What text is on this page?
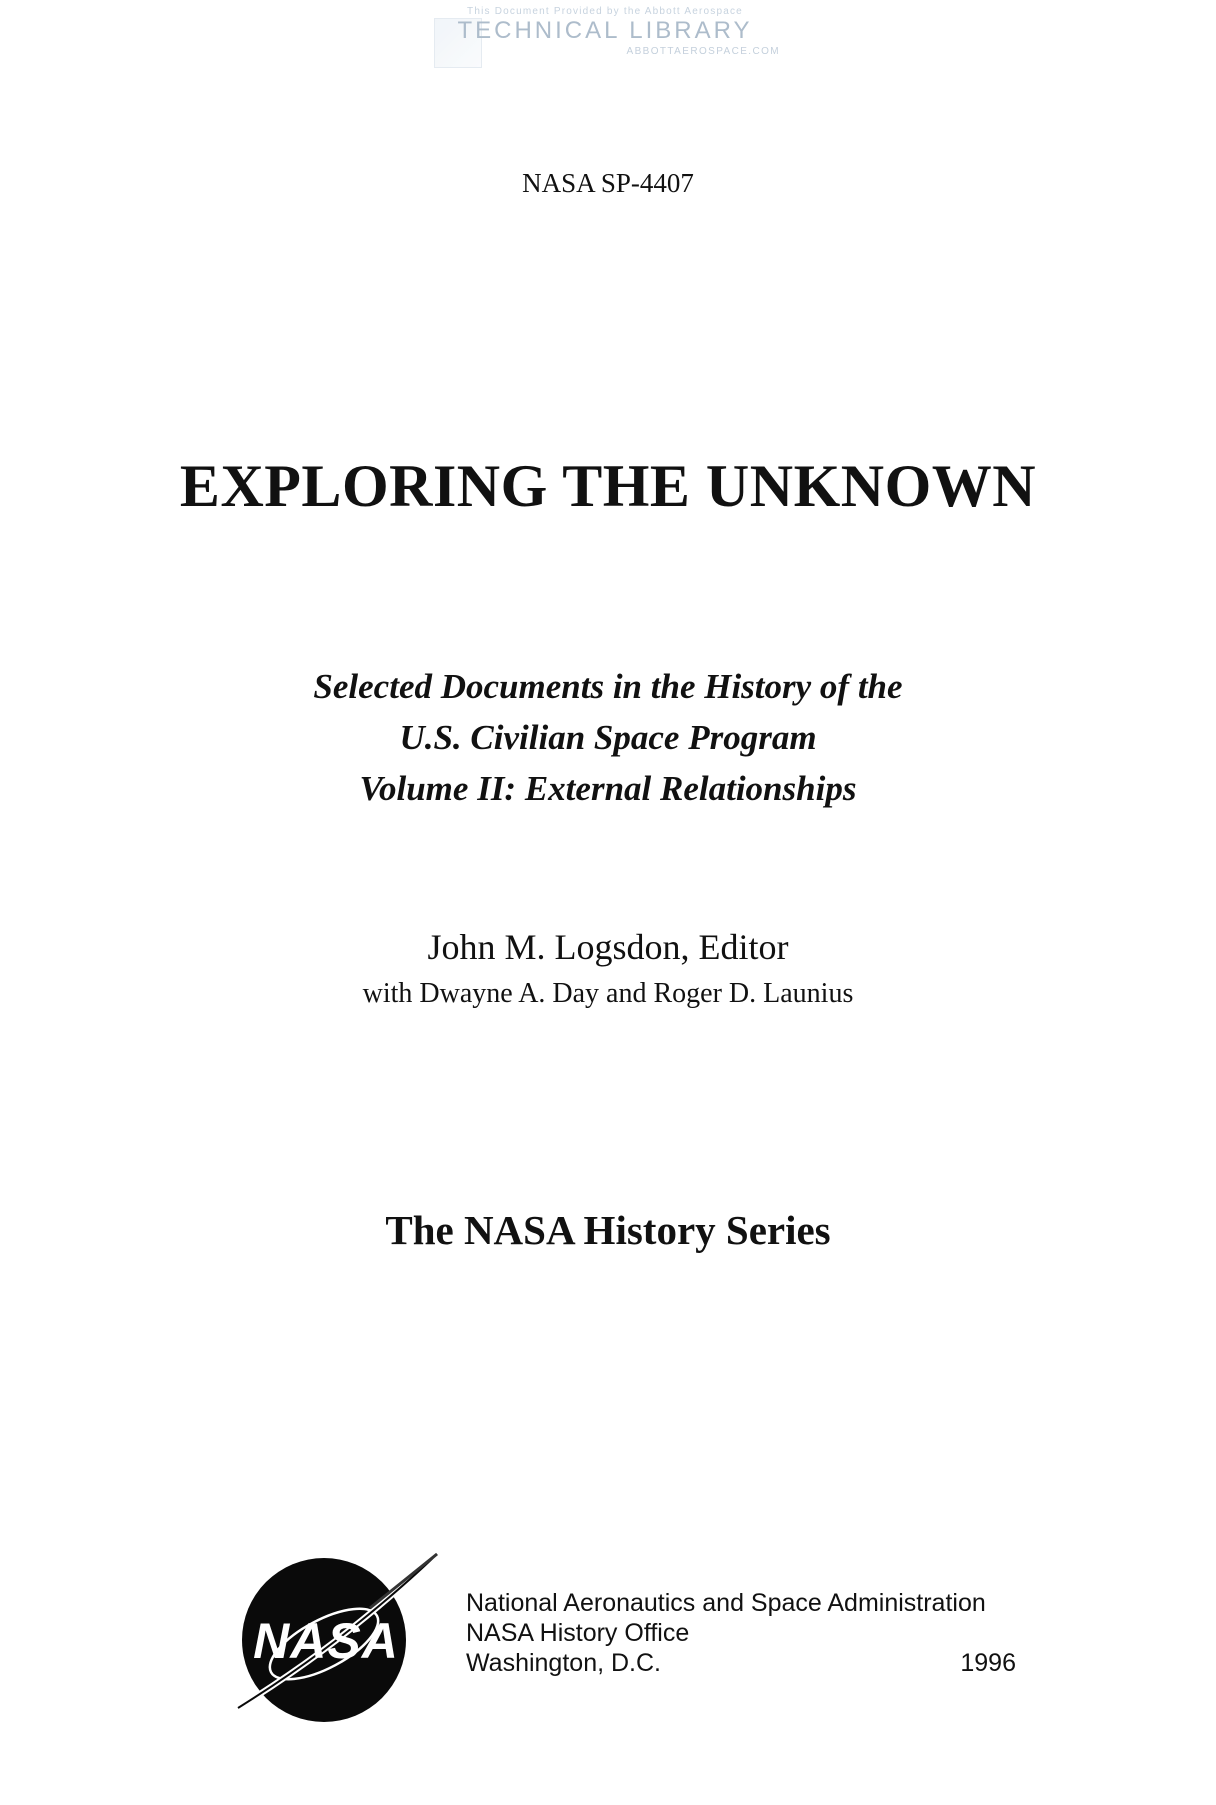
This Document Provided by the Abbott Aerospace
TECHNICAL LIBRARY
ABBOTTAEROSPACE.COM
NASA SP-4407
EXPLORING THE UNKNOWN
Selected Documents in the History of the
U.S. Civilian Space Program
Volume II: External Relationships
John M. Logsdon, Editor
with Dwayne A. Day and Roger D. Launius
The NASA History Series
NASA
National Aeronautics and Space Administration
NASA History Office
Washington, D.C.	1996
